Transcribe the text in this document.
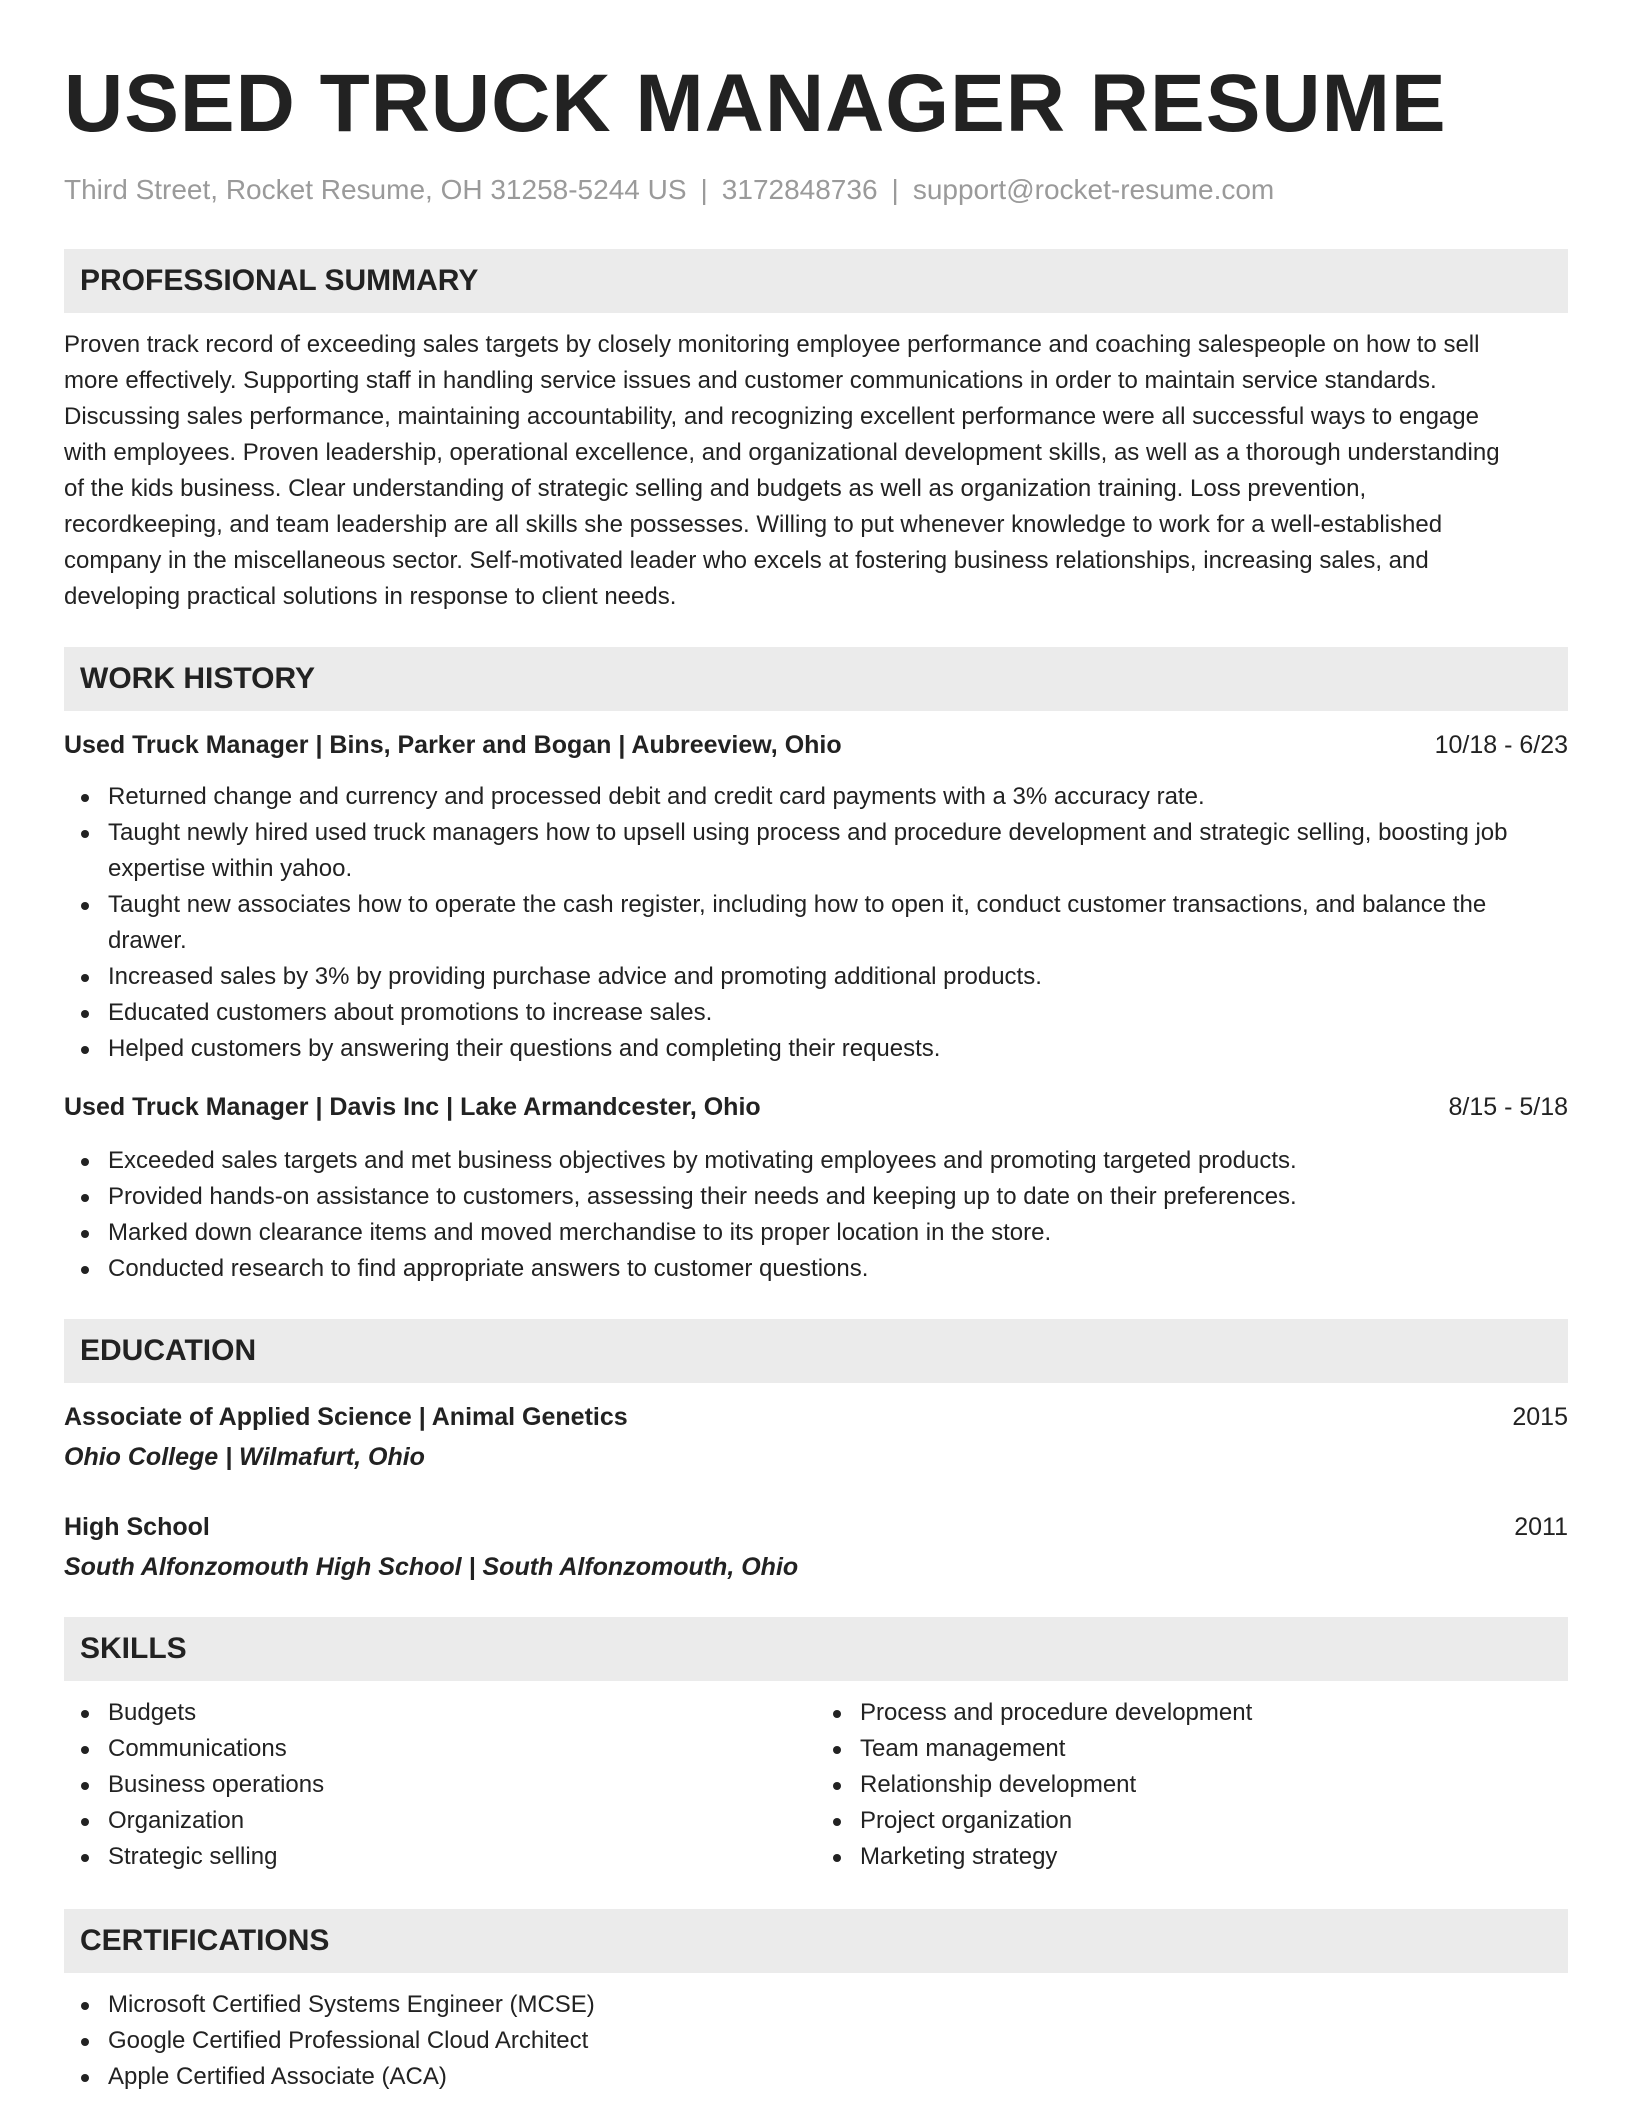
USED TRUCK MANAGER RESUME
Third Street, Rocket Resume, OH 31258-5244 US | 3172848736 | support@rocket-resume.com
PROFESSIONAL SUMMARY
Proven track record of exceeding sales targets by closely monitoring employee performance and coaching salespeople on how to sell
more effectively. Supporting staff in handling service issues and customer communications in order to maintain service standards.
Discussing sales performance, maintaining accountability, and recognizing excellent performance were all successful ways to engage
with employees. Proven leadership, operational excellence, and organizational development skills, as well as a thorough understanding
of the kids business. Clear understanding of strategic selling and budgets as well as organization training. Loss prevention,
recordkeeping, and team leadership are all skills she possesses. Willing to put whenever knowledge to work for a well-established
company in the miscellaneous sector. Self-motivated leader who excels at fostering business relationships, increasing sales, and
developing practical solutions in response to client needs.
WORK HISTORY
Used Truck Manager | Bins, Parker and Bogan | Aubreeview, Ohio	10/18 - 6/23
Returned change and currency and processed debit and credit card payments with a 3% accuracy rate.
Taught newly hired used truck managers how to upsell using process and procedure development and strategic selling, boosting job
expertise within yahoo.
Taught new associates how to operate the cash register, including how to open it, conduct customer transactions, and balance the
drawer.
Increased sales by 3% by providing purchase advice and promoting additional products.
Educated customers about promotions to increase sales.
Helped customers by answering their questions and completing their requests.
Used Truck Manager | Davis Inc | Lake Armandcester, Ohio	8/15 - 5/18
Exceeded sales targets and met business objectives by motivating employees and promoting targeted products.
Provided hands-on assistance to customers, assessing their needs and keeping up to date on their preferences.
Marked down clearance items and moved merchandise to its proper location in the store.
Conducted research to find appropriate answers to customer questions.
EDUCATION
Associate of Applied Science | Animal Genetics	2015
Ohio College | Wilmafurt, Ohio
High School	2011
South Alfonzomouth High School | South Alfonzomouth, Ohio
SKILLS
Budgets
Communications
Business operations
Organization
Strategic selling
Process and procedure development
Team management
Relationship development
Project organization
Marketing strategy
CERTIFICATIONS
Microsoft Certified Systems Engineer (MCSE)
Google Certified Professional Cloud Architect
Apple Certified Associate (ACA)
